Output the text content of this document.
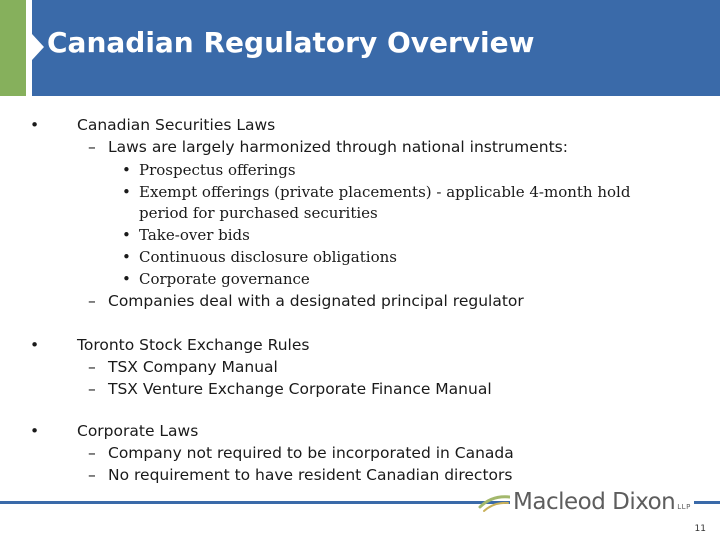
Canadian Regulatory Overview
• Canadian Securities Laws
– Laws are largely harmonized through national instruments:
• Prospectus offerings
• Exempt offerings (private placements) - applicable 4-month hold
period for purchased securities
• Take-over bids
• Continuous disclosure obligations
• Corporate governance
– Companies deal with a designated principal regulator
• Toronto Stock Exchange Rules
– TSX Company Manual
– TSX Venture Exchange Corporate Finance Manual
• Corporate Laws
– Company not required to be incorporated in Canada
– No requirement to have resident Canadian directors
Macleod Dixon LLP
11
